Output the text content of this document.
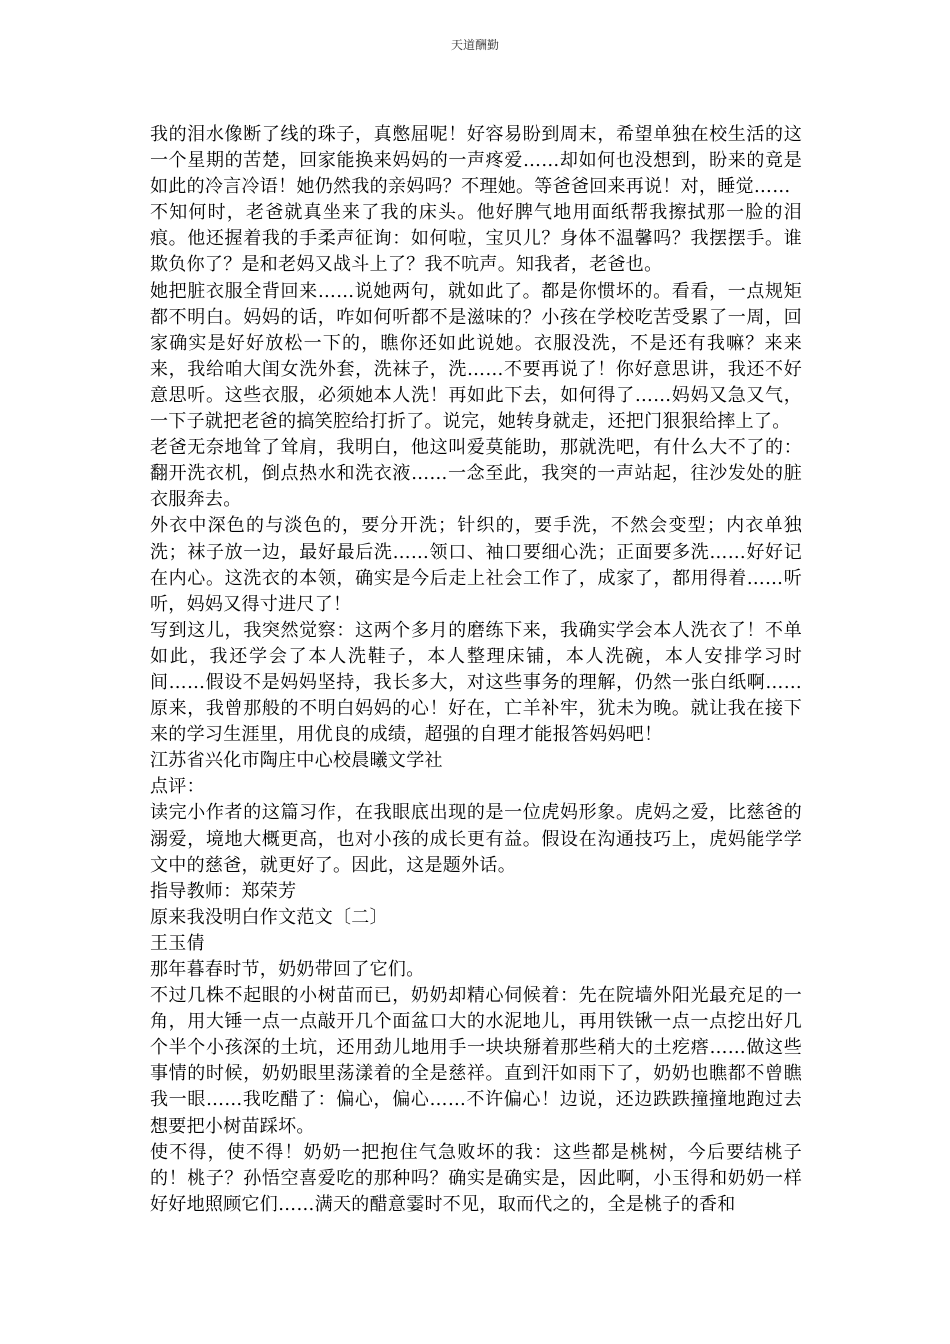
天道酬勤

我的泪水像断了线的珠子，真憋屈呢！好容易盼到周末，希望单独在校生活的这一个星期的苦楚，回家能换来妈妈的一声疼爱……却如何也没想到，盼来的竟是如此的冷言冷语！她仍然我的亲妈吗？不理她。等爸爸回来再说！对，睡觉……

不知何时，老爸就真坐来了我的床头。他好脾气地用面纸帮我擦拭那一脸的泪痕。他还握着我的手柔声征询：如何啦，宝贝儿？身体不温馨吗？我摆摆手。谁欺负你了？是和老妈又战斗上了？我不吭声。知我者，老爸也。

她把脏衣服全背回来……说她两句，就如此了。都是你惯坏的。看看，一点规矩都不明白。妈妈的话，咋如何听都不是滋味的？小孩在学校吃苦受累了一周，回家确实是好好放松一下的，瞧你还如此说她。衣服没洗，不是还有我嘛？来来来，我给咱大闺女洗外套，洗袜子，洗……不要再说了！你好意思讲，我还不好意思听。这些衣服，必须她本人洗！再如此下去，如何得了……妈妈又急又气，一下子就把老爸的搞笑腔给打折了。说完，她转身就走，还把门狠狠给摔上了。

老爸无奈地耸了耸肩，我明白，他这叫爱莫能助，那就洗吧，有什么大不了的：翻开洗衣机，倒点热水和洗衣液……一念至此，我突的一声站起，往沙发处的脏衣服奔去。

外衣中深色的与淡色的，要分开洗；针织的，要手洗，不然会变型；内衣单独洗；袜子放一边，最好最后洗……领口、袖口要细心洗；正面要多洗……好好记在内心。这洗衣的本领，确实是今后走上社会工作了，成家了，都用得着……听听，妈妈又得寸进尺了！

写到这儿，我突然觉察：这两个多月的磨练下来，我确实学会本人洗衣了！不单如此，我还学会了本人洗鞋子，本人整理床铺，本人洗碗，本人安排学习时间……假设不是妈妈坚持，我长多大，对这些事务的理解，仍然一张白纸啊……原来，我曾那般的不明白妈妈的心！好在，亡羊补牢，犹未为晚。就让我在接下来的学习生涯里，用优良的成绩，超强的自理才能报答妈妈吧！

江苏省兴化市陶庄中心校晨曦文学社

点评：

读完小作者的这篇习作，在我眼底出现的是一位虎妈形象。虎妈之爱，比慈爸的溺爱，境地大概更高，也对小孩的成长更有益。假设在沟通技巧上，虎妈能学学文中的慈爸，就更好了。因此，这是题外话。

指导教师：郑荣芳

原来我没明白作文范文〔二〕

王玉倩

那年暮春时节，奶奶带回了它们。

不过几株不起眼的小树苗而已，奶奶却精心伺候着：先在院墙外阳光最充足的一角，用大锤一点一点敲开几个面盆口大的水泥地儿，再用铁锹一点一点挖出好几个半个小孩深的土坑，还用劲儿地用手一块块掰着那些稍大的土疙瘩……做这些事情的时候，奶奶眼里荡漾着的全是慈祥。直到汗如雨下了，奶奶也瞧都不曾瞧我一眼……我吃醋了：偏心，偏心……不许偏心！边说，还边跌跌撞撞地跑过去想要把小树苗踩坏。

使不得，使不得！奶奶一把抱住气急败坏的我：这些都是桃树，今后要结桃子的！桃子？孙悟空喜爱吃的那种吗？确实是确实是，因此啊，小玉得和奶奶一样好好地照顾它们……满天的醋意霎时不见，取而代之的，全是桃子的香和
